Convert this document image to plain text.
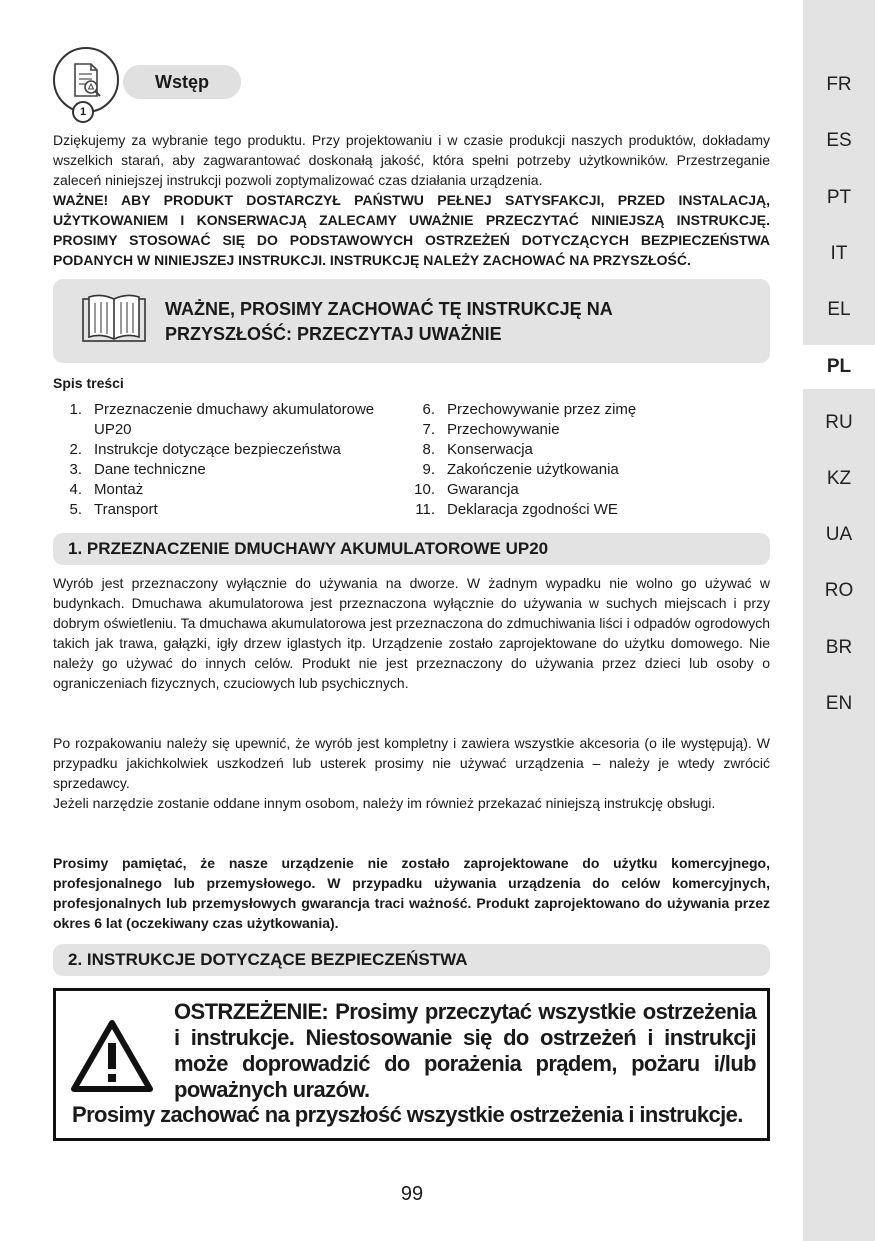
FR
ES
PT
IT
EL
PL
RU
KZ
UA
RO
BR
EN
1
Wstęp

Dziękujemy za wybranie tego produktu. Przy projektowaniu i w czasie produkcji naszych produktów, dokładamy wszelkich starań, aby zagwarantować doskonałą jakość, która spełni potrzeby użytkowników. Przestrzeganie zaleceń niniejszej instrukcji pozwoli zoptymalizować czas działania urządzenia.

WAŻNE! ABY PRODUKT DOSTARCZYŁ PAŃSTWU PEŁNEJ SATYSFAKCJI, PRZED INSTALACJĄ, UŻYTKOWANIEM I KONSERWACJĄ ZALECAMY UWAŻNIE PRZECZYTAĆ NINIEJSZĄ INSTRUKCJĘ. PROSIMY STOSOWAĆ SIĘ DO PODSTAWOWYCH OSTRZEŻEŃ DOTYCZĄCYCH BEZPIECZEŃSTWA PODANYCH W NINIEJSZEJ INSTRUKCJI. INSTRUKCJĘ NALEŻY ZACHOWAĆ NA PRZYSZŁOŚĆ.

WAŻNE, PROSIMY ZACHOWAĆ TĘ INSTRUKCJĘ NA
PRZYSZŁOŚĆ: PRZECZYTAJ UWAŻNIE
Spis treści
1. Przeznaczenie dmuchawy akumulatorowe UP20
2. Instrukcje dotyczące bezpieczeństwa
3. Dane techniczne
4. Montaż
5. Transport
6. Przechowywanie przez zimę
7. Przechowywanie
8. Konserwacja
9. Zakończenie użytkowania
10. Gwarancja
11. Deklaracja zgodności WE
1. PRZEZNACZENIE DMUCHAWY AKUMULATOROWE UP20

Wyrób jest przeznaczony wyłącznie do używania na dworze. W żadnym wypadku nie wolno go używać w budynkach. Dmuchawa akumulatorowa jest przeznaczona wyłącznie do używania w suchych miejscach i przy dobrym oświetleniu. Ta dmuchawa akumulatorowa jest przeznaczona do zdmuchiwania liści i odpadów ogrodowych takich jak trawa, gałązki, igły drzew iglastych itp. Urządzenie zostało zaprojektowane do użytku domowego. Nie należy go używać do innych celów. Produkt nie jest przeznaczony do używania przez dzieci lub osoby o ograniczeniach fizycznych, czuciowych lub psychicznych.

Po rozpakowaniu należy się upewnić, że wyrób jest kompletny i zawiera wszystkie akcesoria (o ile występują). W przypadku jakichkolwiek uszkodzeń lub usterek prosimy nie używać urządzenia – należy je wtedy zwrócić sprzedawcy.

Jeżeli narzędzie zostanie oddane innym osobom, należy im również przekazać niniejszą instrukcję obsługi.

Prosimy pamiętać, że nasze urządzenie nie zostało zaprojektowane do użytku komercyjnego, profesjonalnego lub przemysłowego. W przypadku używania urządzenia do celów komercyjnych, profesjonalnych lub przemysłowych gwarancja traci ważność. Produkt zaprojektowano do używania przez okres 6 lat (oczekiwany czas użytkowania).

2. INSTRUKCJE DOTYCZĄCE BEZPIECZEŃSTWA
OSTRZEŻENIE: Prosimy przeczytać wszystkie ostrzeżenia i instrukcje. Niestosowanie się do ostrzeżeń i instrukcji może doprowadzić do porażenia prądem, pożaru i/lub poważnych urazów.
Prosimy zachować na przyszłość wszystkie ostrzeżenia i instrukcje.
99
